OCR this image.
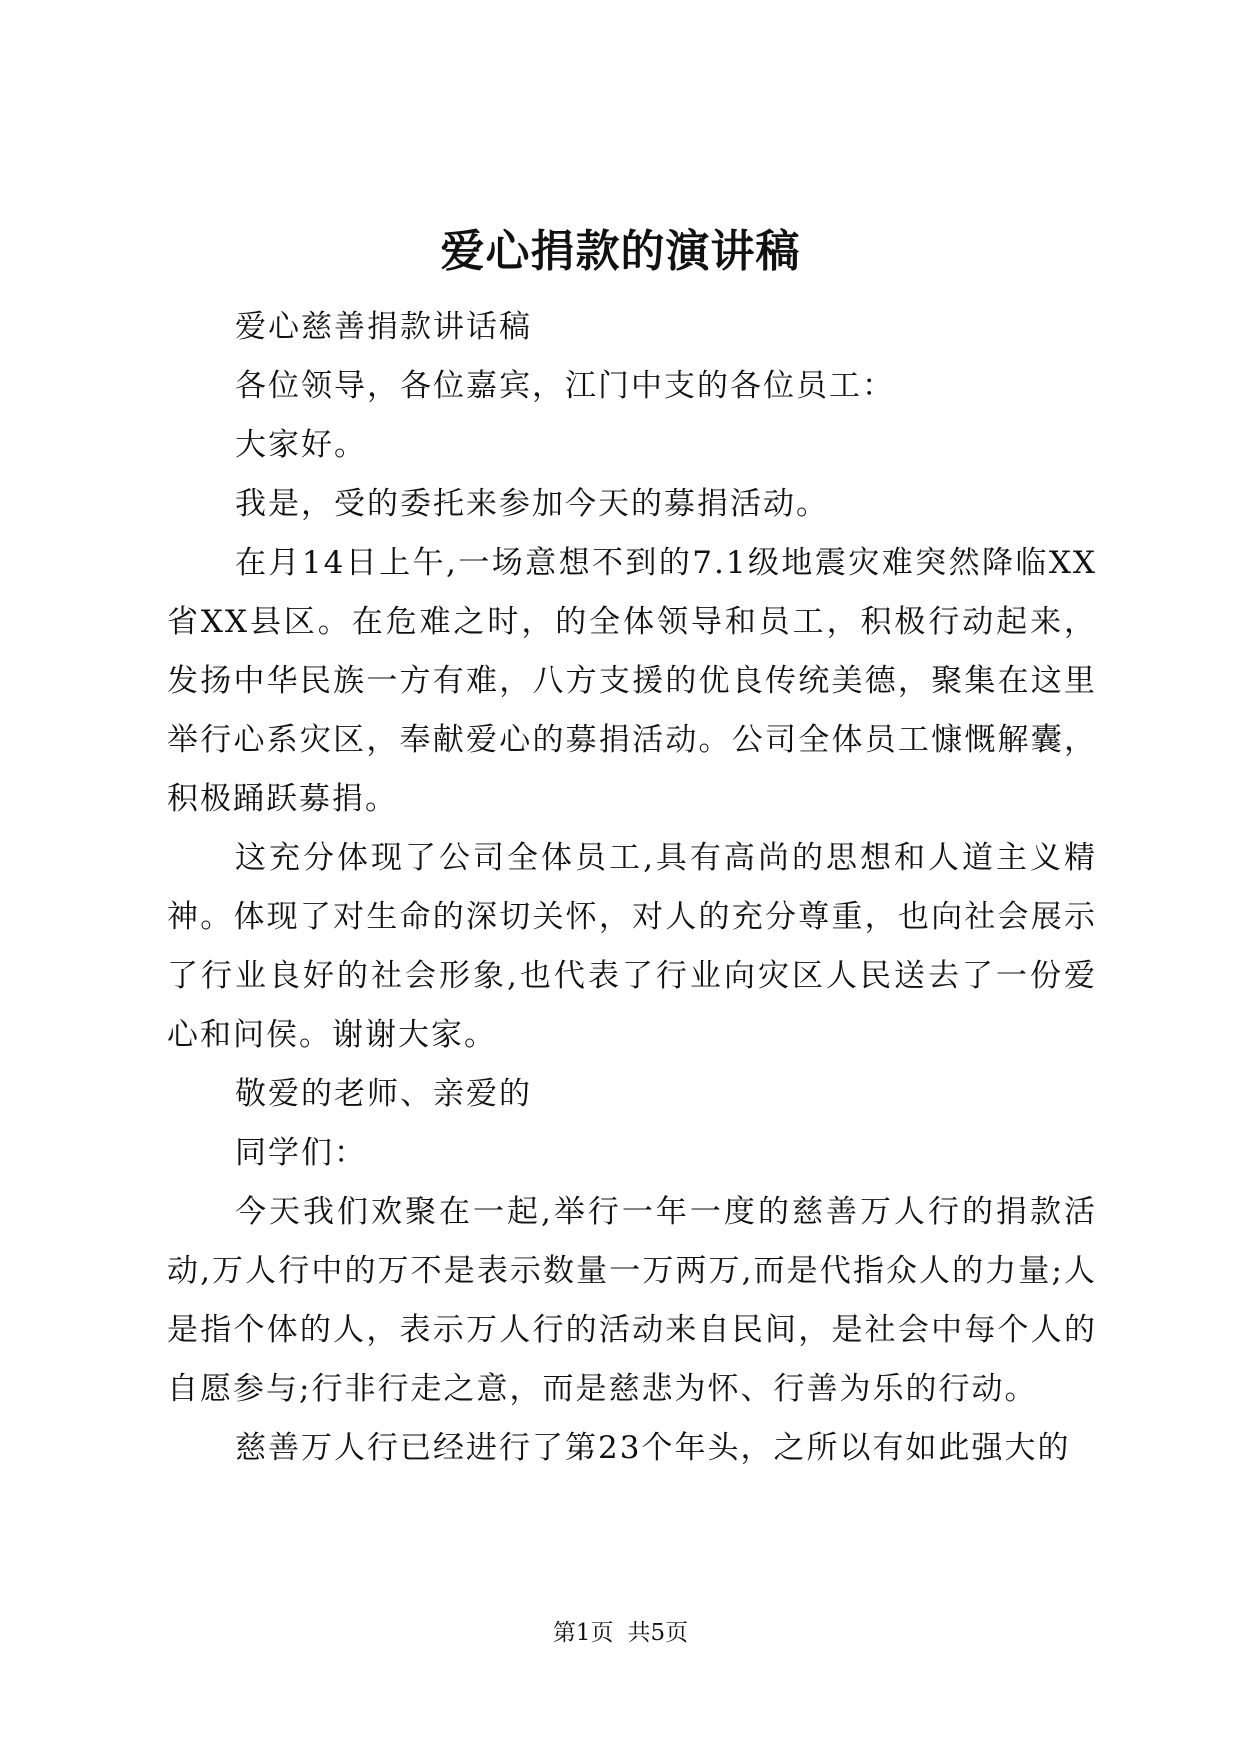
爱心捐款的演讲稿

爱心慈善捐款讲话稿

各位领导，各位嘉宾，江门中支的各位员工：

大家好。

我是，受的委托来参加今天的募捐活动。

在月14日上午,一场意想不到的7.1级地震灾难突然降临XX省XX县区。在危难之时，的全体领导和员工，积极行动起来，发扬中华民族一方有难，八方支援的优良传统美德，聚集在这里举行心系灾区，奉献爱心的募捐活动。公司全体员工慷慨解囊，积极踊跃募捐。

这充分体现了公司全体员工,具有高尚的思想和人道主义精神。体现了对生命的深切关怀，对人的充分尊重，也向社会展示了行业良好的社会形象,也代表了行业向灾区人民送去了一份爱心和问侯。谢谢大家。

敬爱的老师、亲爱的

同学们：

今天我们欢聚在一起,举行一年一度的慈善万人行的捐款活动,万人行中的万不是表示数量一万两万,而是代指众人的力量;人是指个体的人，表示万人行的活动来自民间，是社会中每个人的自愿参与;行非行走之意，而是慈悲为怀、行善为乐的行动。

慈善万人行已经进行了第23个年头，之所以有如此强大的

第1页 共5页
